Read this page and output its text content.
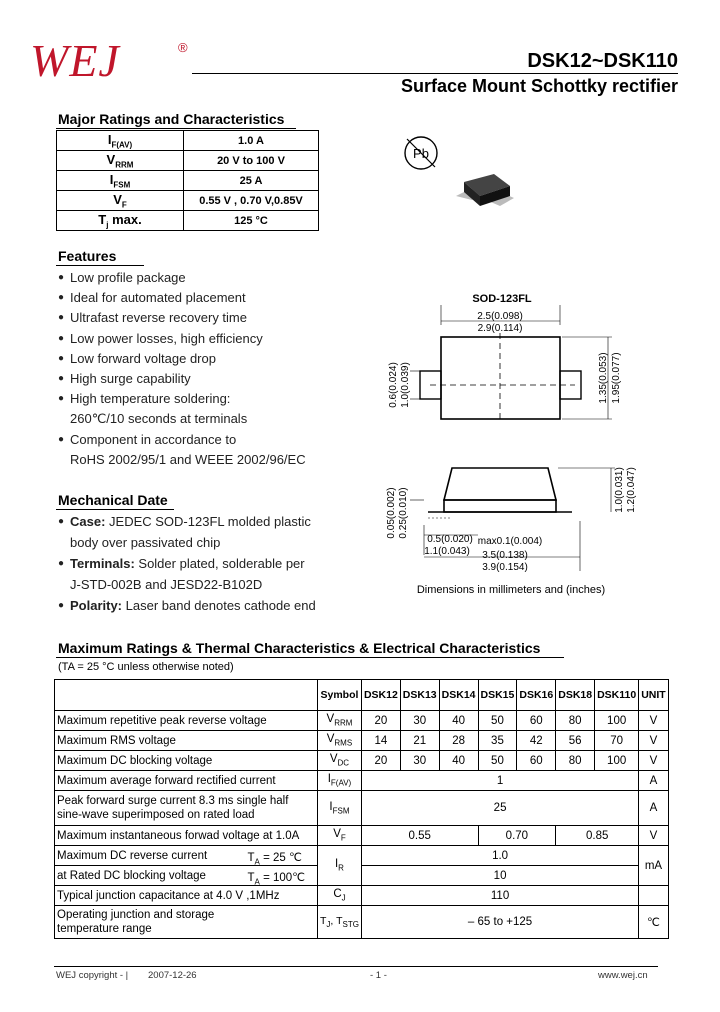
WEJ	®
DSK12~DSK110
Surface Mount Schottky rectifier
Major Ratings and Characteristics
$I_{F(AV)}$	1.0 A
$V_{RRM}$	20 V to 100 V
$I_{FSM}$	25 A
$V_F$	0.55 V , 0.70 V,0.85V
$T_j$ max.	125 °C
Pb
Features
● Low profile package
● Ideal for automated placement
● Ultrafast reverse recovery time
● Low power losses, high efficiency
● Low forward voltage drop
● High surge capability
● High temperature soldering:
260℃/10 seconds at terminals
● Component in accordance to
RoHS 2002/95/1 and WEEE 2002/96/EC
Mechanical Date
● Case: JEDEC SOD-123FL molded plastic
body over passivated chip
● Terminals: Solder plated, solderable per
J-STD-002B and JESD22-B102D
● Polarity: Laser band denotes cathode end
SOD-123FL
2.5(0.098)
2.9(0.114)
0.6(0.024) 1.0(0.039)	1.35(0.053) 1.95(0.077)
1.0(0.031) 1.2(0.047)
0.05(0.002) 0.25(0.010)
max0.1(0.004)
0.5(0.020)
1.1(0.043) 3.5(0.138)
3.9(0.154)
Dimensions in millimeters and (inches)
Maximum Ratings & Thermal Characteristics & Electrical Characteristics
(TA = 25 °C unless otherwise noted)
	Symbol	DSK12	DSK13	DSK14	DSK15	DSK16	DSK18	DSK110	UNIT
Maximum repetitive peak reverse voltage	$V_{RRM}$	20	30	40	50	60	80	100	V
Maximum RMS voltage	$V_{RMS}$	14	21	28	35	42	56	70	V
Maximum DC blocking voltage	$V_{DC}$	20	30	40	50	60	80	100	V
Maximum average forward rectified current	$I_{F(AV)}$	1							A
Peak forward surge current 8.3 ms single half
sine-wave superimposed on rated load	$I_{FSM}$	25							A
Maximum instantaneous forwad voltage at 1.0A	$V_F$	0.55			0.70		0.85		V
Maximum DC reverse current $T_A = 25$ ℃	$I_R$	1.0							mA
at Rated DC blocking voltage $T_A$ = 100℃		10							
Typical junction capacitance at 4.0 V ,1MHz	$C_J$	110							
Operating junction and storage
temperature range	$T_J$, $T_{STG}$	– 65 to +125							℃
WEJ copyright - | 2007-12-26	- 1 -	www.wej.cn
